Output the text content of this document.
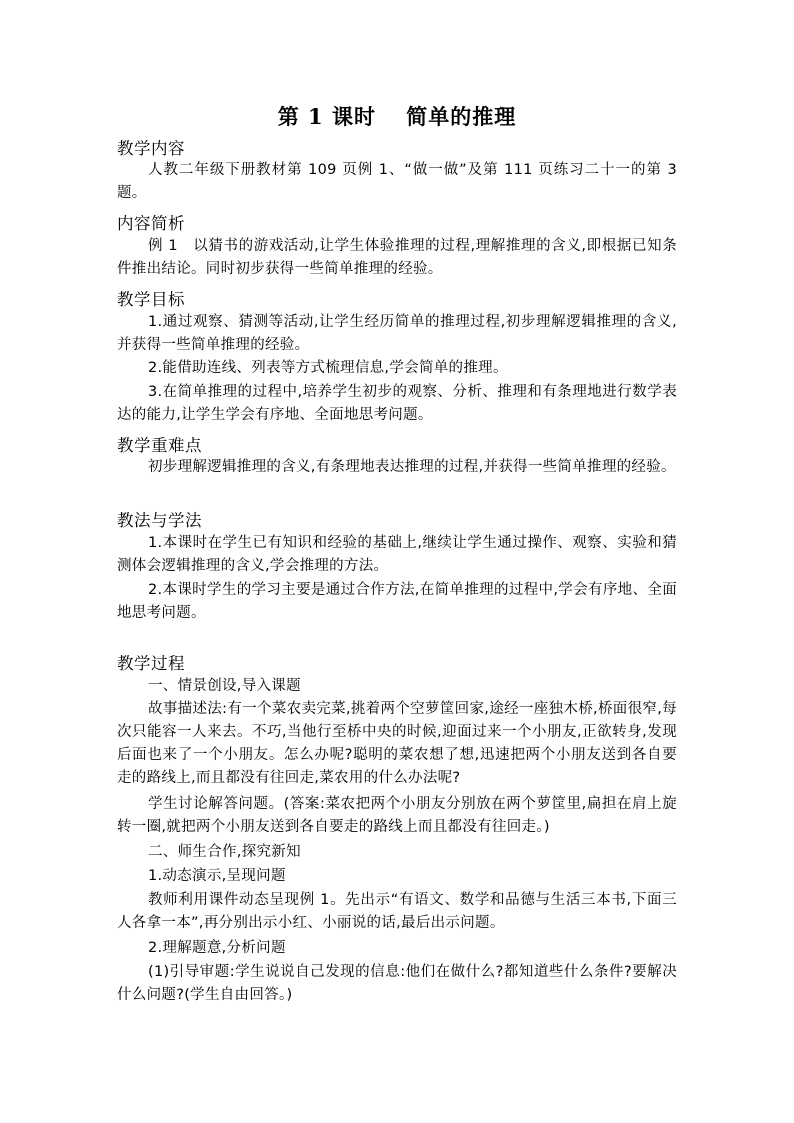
第 1 课时　 简单的推理
教学内容
人教二年级下册教材第 109 页例 1、“做一做”及第 111 页练习二十一的第 3 题。
内容简析
例 1　以猜书的游戏活动,让学生体验推理的过程,理解推理的含义,即根据已知条件推出结论。同时初步获得一些简单推理的经验。
教学目标
1.通过观察、猜测等活动,让学生经历简单的推理过程,初步理解逻辑推理的含义,并获得一些简单推理的经验。
2.能借助连线、列表等方式梳理信息,学会简单的推理。
3.在简单推理的过程中,培养学生初步的观察、分析、推理和有条理地进行数学表达的能力,让学生学会有序地、全面地思考问题。
教学重难点
初步理解逻辑推理的含义,有条理地表达推理的过程,并获得一些简单推理的经验。
教法与学法
1.本课时在学生已有知识和经验的基础上,继续让学生通过操作、观察、实验和猜测体会逻辑推理的含义,学会推理的方法。
2.本课时学生的学习主要是通过合作方法,在简单推理的过程中,学会有序地、全面地思考问题。
教学过程
一、情景创设,导入课题
故事描述法:有一个菜农卖完菜,挑着两个空萝筐回家,途经一座独木桥,桥面很窄,每次只能容一人来去。不巧,当他行至桥中央的时候,迎面过来一个小朋友,正欲转身,发现后面也来了一个小朋友。怎么办呢?聪明的菜农想了想,迅速把两个小朋友送到各自要走的路线上,而且都没有往回走,菜农用的什么办法呢?
学生讨论解答问题。(答案:菜农把两个小朋友分别放在两个萝筐里,扁担在肩上旋转一圈,就把两个小朋友送到各自要走的路线上而且都没有往回走。)
二、师生合作,探究新知
1.动态演示,呈现问题
教师利用课件动态呈现例 1。先出示“有语文、数学和品德与生活三本书,下面三人各拿一本”,再分别出示小红、小丽说的话,最后出示问题。
2.理解题意,分析问题
(1)引导审题:学生说说自己发现的信息:他们在做什么?都知道些什么条件?要解决什么问题?(学生自由回答。)
